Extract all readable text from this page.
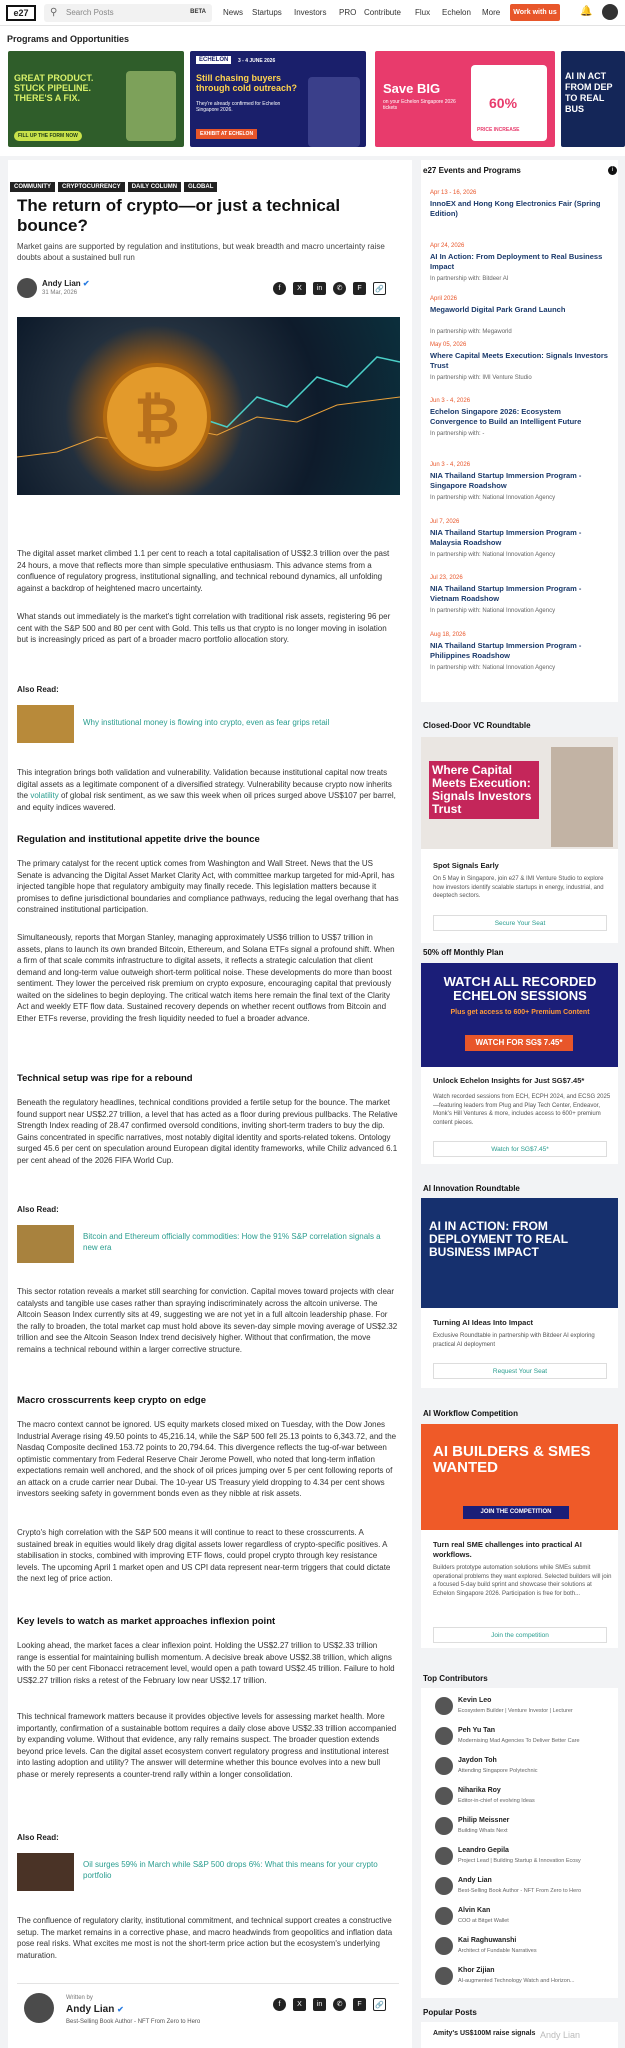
e27	⚲ Search Posts	BETA News Startups Investors PRO Contribute Flux Echelon More	Work with us	🔔
Programs and Opportunities
GREAT PRODUCT. STUCK PIPELINE. THERE'S A FIX.
FILL UP THE FORM NOW
ECHELON	3 - 4 JUNE 2026
Still chasing buyers through cold outreach?
They're already confirmed for Echelon Singapore 2026.
EXHIBIT AT ECHELON
Save BIG
on your Echelon Singapore 2026 tickets	60%
PRICE INCREASE
AI IN ACT FROM DEP TO REAL BUS
COMMUNITY CRYPTOCURRENCY DAILY COLUMN GLOBAL
The return of crypto—or just a technical bounce?
Market gains are supported by regulation and institutions, but weak breadth and macro uncertainty raise doubts about a sustained bull run
Andy Lian ✔
31 Mar, 2026
f	X	in	✆	F	🔗
₿
The digital asset market climbed 1.1 per cent to reach a total capitalisation of US$2.3 trillion over the past 24 hours, a move that reflects more than simple speculative enthusiasm. This advance stems from a confluence of regulatory progress, institutional signalling, and technical rebound dynamics, all unfolding against a backdrop of heightened macro uncertainty.
What stands out immediately is the market's tight correlation with traditional risk assets, registering 96 per cent with the S&P 500 and 80 per cent with Gold. This tells us that crypto is no longer moving in isolation but is increasingly priced as part of a broader macro portfolio allocation story.
Also Read:
Why institutional money is flowing into crypto, even as fear grips retail
This integration brings both validation and vulnerability. Validation because institutional capital now treats digital assets as a legitimate component of a diversified strategy. Vulnerability because crypto now inherits the volatility of global risk sentiment, as we saw this week when oil prices surged above US$107 per barrel, and equity indices wavered.
Regulation and institutional appetite drive the bounce
The primary catalyst for the recent uptick comes from Washington and Wall Street. News that the US Senate is advancing the Digital Asset Market Clarity Act, with committee markup targeted for mid-April, has injected tangible hope that regulatory ambiguity may finally recede. This legislation matters because it promises to define jurisdictional boundaries and compliance pathways, reducing the legal overhang that has constrained institutional participation.
Simultaneously, reports that Morgan Stanley, managing approximately US$6 trillion to US$7 trillion in assets, plans to launch its own branded Bitcoin, Ethereum, and Solana ETFs signal a profound shift. When a firm of that scale commits infrastructure to digital assets, it reflects a strategic calculation that client demand and long-term value outweigh short-term political noise. These developments do more than boost sentiment. They lower the perceived risk premium on crypto exposure, encouraging capital that previously waited on the sidelines to begin deploying. The critical watch items here remain the final text of the Clarity Act and weekly ETF flow data. Sustained recovery depends on whether recent outflows from Bitcoin and Ether ETFs reverse, providing the fresh liquidity needed to fuel a broader advance.
Technical setup was ripe for a rebound
Beneath the regulatory headlines, technical conditions provided a fertile setup for the bounce. The market found support near US$2.27 trillion, a level that has acted as a floor during previous pullbacks. The Relative Strength Index reading of 28.47 confirmed oversold conditions, inviting short-term traders to buy the dip. Gains concentrated in specific narratives, most notably digital identity and sports-related tokens. Ontology surged 45.6 per cent on speculation around European digital identity frameworks, while Chiliz advanced 6.1 per cent ahead of the 2026 FIFA World Cup.
Also Read:
Bitcoin and Ethereum officially commodities: How the 91% S&P correlation signals a new era
This sector rotation reveals a market still searching for conviction. Capital moves toward projects with clear catalysts and tangible use cases rather than spraying indiscriminately across the altcoin universe. The Altcoin Season Index currently sits at 49, suggesting we are not yet in a full altcoin leadership phase. For the rally to broaden, the total market cap must hold above its seven-day simple moving average of US$2.32 trillion and see the Altcoin Season Index trend decisively higher. Without that confirmation, the move remains a technical rebound within a larger corrective structure.
Macro crosscurrents keep crypto on edge
The macro context cannot be ignored. US equity markets closed mixed on Tuesday, with the Dow Jones Industrial Average rising 49.50 points to 45,216.14, while the S&P 500 fell 25.13 points to 6,343.72, and the Nasdaq Composite declined 153.72 points to 20,794.64. This divergence reflects the tug-of-war between optimistic commentary from Federal Reserve Chair Jerome Powell, who noted that long-term inflation expectations remain well anchored, and the shock of oil prices jumping over 5 per cent following reports of an attack on a crude carrier near Dubai. The 10-year US Treasury yield dropping to 4.34 per cent shows investors seeking safety in government bonds even as they nibble at risk assets.
Crypto's high correlation with the S&P 500 means it will continue to react to these crosscurrents. A sustained break in equities would likely drag digital assets lower regardless of crypto-specific positives. A stabilisation in stocks, combined with improving ETF flows, could propel crypto through key resistance levels. The upcoming April 1 market open and US CPI data represent near-term triggers that could dictate the next leg of price action.
Key levels to watch as market approaches inflexion point
Looking ahead, the market faces a clear inflexion point. Holding the US$2.27 trillion to US$2.33 trillion range is essential for maintaining bullish momentum. A decisive break above US$2.38 trillion, which aligns with the 50 per cent Fibonacci retracement level, would open a path toward US$2.45 trillion. Failure to hold US$2.27 trillion risks a retest of the February low near US$2.17 trillion.
This technical framework matters because it provides objective levels for assessing market health. More importantly, confirmation of a sustainable bottom requires a daily close above US$2.33 trillion accompanied by expanding volume. Without that evidence, any rally remains suspect. The broader question extends beyond price levels. Can the digital asset ecosystem convert regulatory progress and institutional interest into lasting adoption and utility? The answer will determine whether this bounce evolves into a new bull phase or merely represents a counter-trend rally within a longer consolidation.
Also Read:
Oil surges 59% in March while S&P 500 drops 6%: What this means for your crypto portfolio
The confluence of regulatory clarity, institutional commitment, and technical support creates a constructive setup. The market remains in a corrective phase, and macro headwinds from geopolitics and inflation data pose real risks. What excites me most is not the short-term price action but the ecosystem's underlying maturation.
Written by
Andy Lian ✔
Best-Selling Book Author - NFT From Zero to Hero
f	X	in	✆	F	🔗
e27 Events and Programs	i
Apr 13 - 16, 2026
InnoEX and Hong Kong Electronics Fair (Spring Edition)
Apr 24, 2026
AI In Action: From Deployment to Real Business Impact
In partnership with: Bitdeer AI
April 2026
Megaworld Digital Park Grand Launch
In partnership with: Megaworld
May 05, 2026
Where Capital Meets Execution: Signals Investors Trust
In partnership with: IMI Venture Studio
Jun 3 - 4, 2026
Echelon Singapore 2026: Ecosystem Convergence to Build an Intelligent Future
In partnership with: -
Jun 3 - 4, 2026
NIA Thailand Startup Immersion Program - Singapore Roadshow
In partnership with: National Innovation Agency
Jul 7, 2026
NIA Thailand Startup Immersion Program - Malaysia Roadshow
In partnership with: National Innovation Agency
Jul 23, 2026
NIA Thailand Startup Immersion Program - Vietnam Roadshow
In partnership with: National Innovation Agency
Aug 18, 2026
NIA Thailand Startup Immersion Program - Philippines Roadshow
In partnership with: National Innovation Agency
Closed-Door VC Roundtable
Where Capital Meets Execution: Signals Investors Trust
Spot Signals Early
On 5 May in Singapore, join e27 & IMI Venture Studio to explore how investors identify scalable startups in energy, industrial, and deeptech sectors.
Secure Your Seat
50% off Monthly Plan
WATCH ALL RECORDED ECHELON SESSIONS
Plus get access to 600+ Premium Content
WATCH FOR SG$ 7.45*
Unlock Echelon Insights for Just SG$7.45*
Watch recorded sessions from ECH, ECPH 2024, and ECSG 2025—featuring leaders from Plug and Play Tech Center, Endeavor, Monk's Hill Ventures & more, includes access to 600+ premium content pieces.
Watch for SG$7.45*
AI Innovation Roundtable
AI IN ACTION: FROM DEPLOYMENT TO REAL BUSINESS IMPACT
Turning AI Ideas Into Impact
Exclusive Roundtable in partnership with Bitdeer AI exploring practical AI deployment
Request Your Seat
AI Workflow Competition
AI BUILDERS & SMES WANTED
JOIN THE COMPETITION
Turn real SME challenges into practical AI workflows.
Builders prototype automation solutions while SMEs submit operational problems they want explored. Selected builders will join a focused 5-day build sprint and showcase their solutions at Echelon Singapore 2026. Participation is free for both...
Join the competition
Top Contributors
Kevin Leo
Ecosystem Builder | Venture Investor | Lecturer
Peh Yu Tan
Modernising Mad Agencies To Deliver Better Care
Jaydon Toh
Attending Singapore Polytechnic
Niharika Roy
Editor-in-chief of evolving Ideas
Philip Meissner
Building Whats Next
Leandro Gepila
Project Lead | Building Startup & Innovation Ecosy
Andy Lian
Best-Selling Book Author - NFT From Zero to Hero
Alvin Kan
COO at Bitget Wallet
Kai Raghuwanshi
Architect of Fundable Narratives
Khor Zijian
AI-augmented Technology Watch and Horizon...
Popular Posts
Amity's US$100M raise signals Andy Lian
